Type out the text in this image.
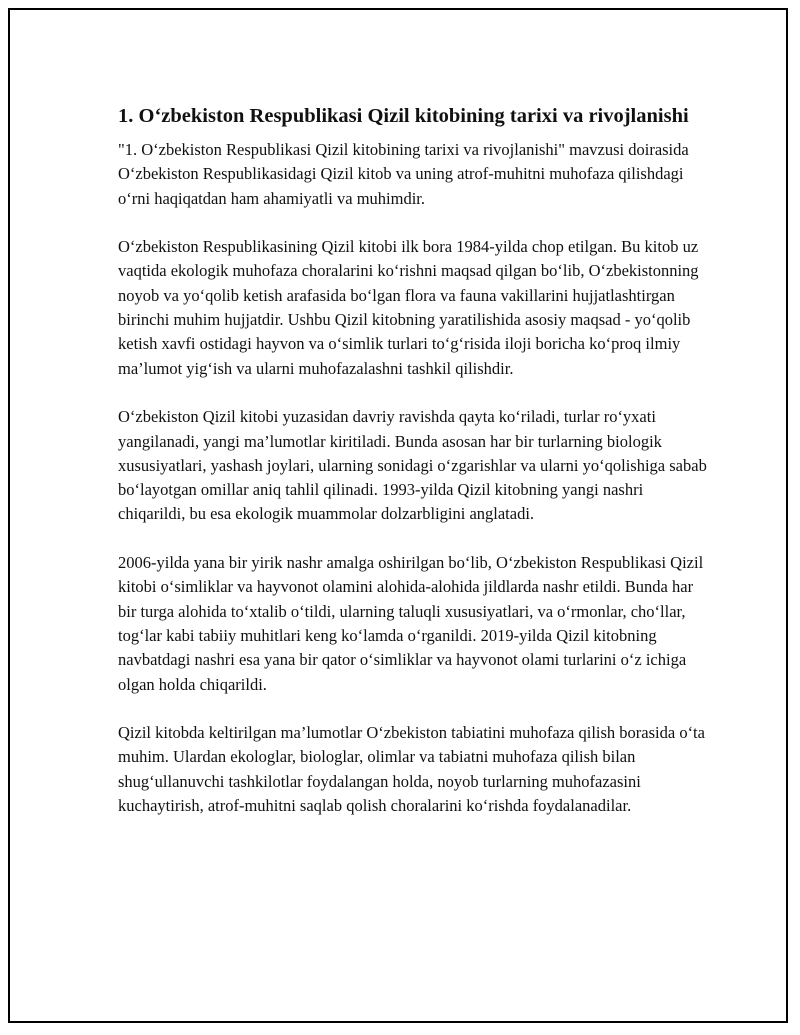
1. O‘zbekiston Respublikasi Qizil kitobining tarixi va rivojlanishi

"1. O‘zbekiston Respublikasi Qizil kitobining tarixi va rivojlanishi" mavzusi doirasida O‘zbekiston Respublikasidagi Qizil kitob va uning atrof-muhitni muhofaza qilishdagi o‘rni haqiqatdan ham ahamiyatli va muhimdir.

O‘zbekiston Respublikasining Qizil kitobi ilk bora 1984-yilda chop etilgan. Bu kitob uz vaqtida ekologik muhofaza choralarini ko‘rishni maqsad qilgan bo‘lib, O‘zbekistonning noyob va yo‘qolib ketish arafasida bo‘lgan flora va fauna vakillarini hujjatlashtirgan birinchi muhim hujjatdir. Ushbu Qizil kitobning yaratilishida asosiy maqsad - yo‘qolib ketish xavfi ostidagi hayvon va o‘simlik turlari to‘g‘risida iloji boricha ko‘proq ilmiy ma’lumot yig‘ish va ularni muhofazalashni tashkil qilishdir.

O‘zbekiston Qizil kitobi yuzasidan davriy ravishda qayta ko‘riladi, turlar ro‘yxati yangilanadi, yangi ma’lumotlar kiritiladi. Bunda asosan har bir turlarning biologik xususiyatlari, yashash joylari, ularning sonidagi o‘zgarishlar va ularni yo‘qolishiga sabab bo‘layotgan omillar aniq tahlil qilinadi. 1993-yilda Qizil kitobning yangi nashri chiqarildi, bu esa ekologik muammolar dolzarbligini anglatadi.

2006-yilda yana bir yirik nashr amalga oshirilgan bo‘lib, O‘zbekiston Respublikasi Qizil kitobi o‘simliklar va hayvonot olamini alohida-alohida jildlarda nashr etildi. Bunda har bir turga alohida to‘xtalib o‘tildi, ularning taluqli xususiyatlari, va o‘rmonlar, cho‘llar, tog‘lar kabi tabiiy muhitlari keng ko‘lamda o‘rganildi. 2019-yilda Qizil kitobning navbatdagi nashri esa yana bir qator o‘simliklar va hayvonot olami turlarini o‘z ichiga olgan holda chiqarildi.

Qizil kitobda keltirilgan ma’lumotlar O‘zbekiston tabiatini muhofaza qilish borasida o‘ta muhim. Ulardan ekologlar, biologlar, olimlar va tabiatni muhofaza qilish bilan shug‘ullanuvchi tashkilotlar foydalangan holda, noyob turlarning muhofazasini kuchaytirish, atrof-muhitni saqlab qolish choralarini ko‘rishda foydalanadilar.
